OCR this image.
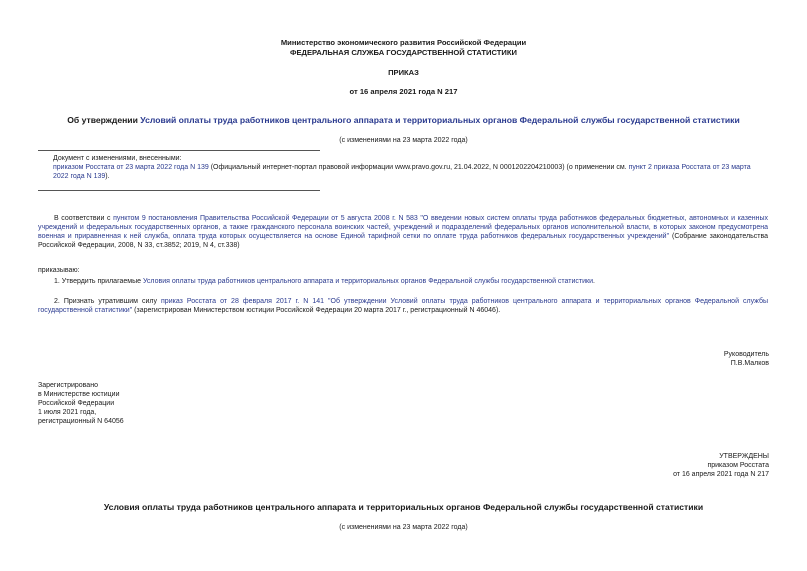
Министерство экономического развития Российской Федерации
ФЕДЕРАЛЬНАЯ СЛУЖБА ГОСУДАРСТВЕННОЙ СТАТИСТИКИ
ПРИКАЗ
от 16 апреля 2021 года N 217
Об утверждении Условий оплаты труда работников центрального аппарата и территориальных органов Федеральной службы государственной статистики
(с изменениями на 23 марта 2022 года)

Документ с изменениями, внесенными:

приказом Росстата от 23 марта 2022 года N 139 (Официальный интернет-портал правовой информации www.pravo.gov.ru, 21.04.2022, N 0001202204210003) (о применении см. пункт 2 приказа Росстата от 23 марта 2022 года N 139).

В соответствии с пунктом 9 постановления Правительства Российской Федерации от 5 августа 2008 г. N 583 "О введении новых систем оплаты труда работников федеральных бюджетных, автономных и казенных учреждений и федеральных государственных органов, а также гражданского персонала воинских частей, учреждений и подразделений федеральных органов исполнительной власти, в которых законом предусмотрена военная и приравненная к ней служба, оплата труда которых осуществляется на основе Единой тарифной сетки по оплате труда работников федеральных государственных учреждений" (Собрание законодательства Российской Федерации, 2008, N 33, ст.3852; 2019, N 4, ст.338)
приказываю:
1. Утвердить прилагаемые Условия оплаты труда работников центрального аппарата и территориальных органов Федеральной службы государственной статистики.
2. Признать утратившим силу приказ Росстата от 28 февраля 2017 г. N 141 "Об утверждении Условий оплаты труда работников центрального аппарата и территориальных органов Федеральной службы государственной статистики" (зарегистрирован Министерством юстиции Российской Федерации 20 марта 2017 г., регистрационный N 46046).

Руководитель

П.В.Малков

Зарегистрировано

в Министерстве юстиции

Российской Федерации

1 июля 2021 года,

регистрационный N 64056

УТВЕРЖДЕНЫ

приказом Росстата

от 16 апреля 2021 года N 217

Условия оплаты труда работников центрального аппарата и территориальных органов Федеральной службы государственной статистики
(с изменениями на 23 марта 2022 года)
